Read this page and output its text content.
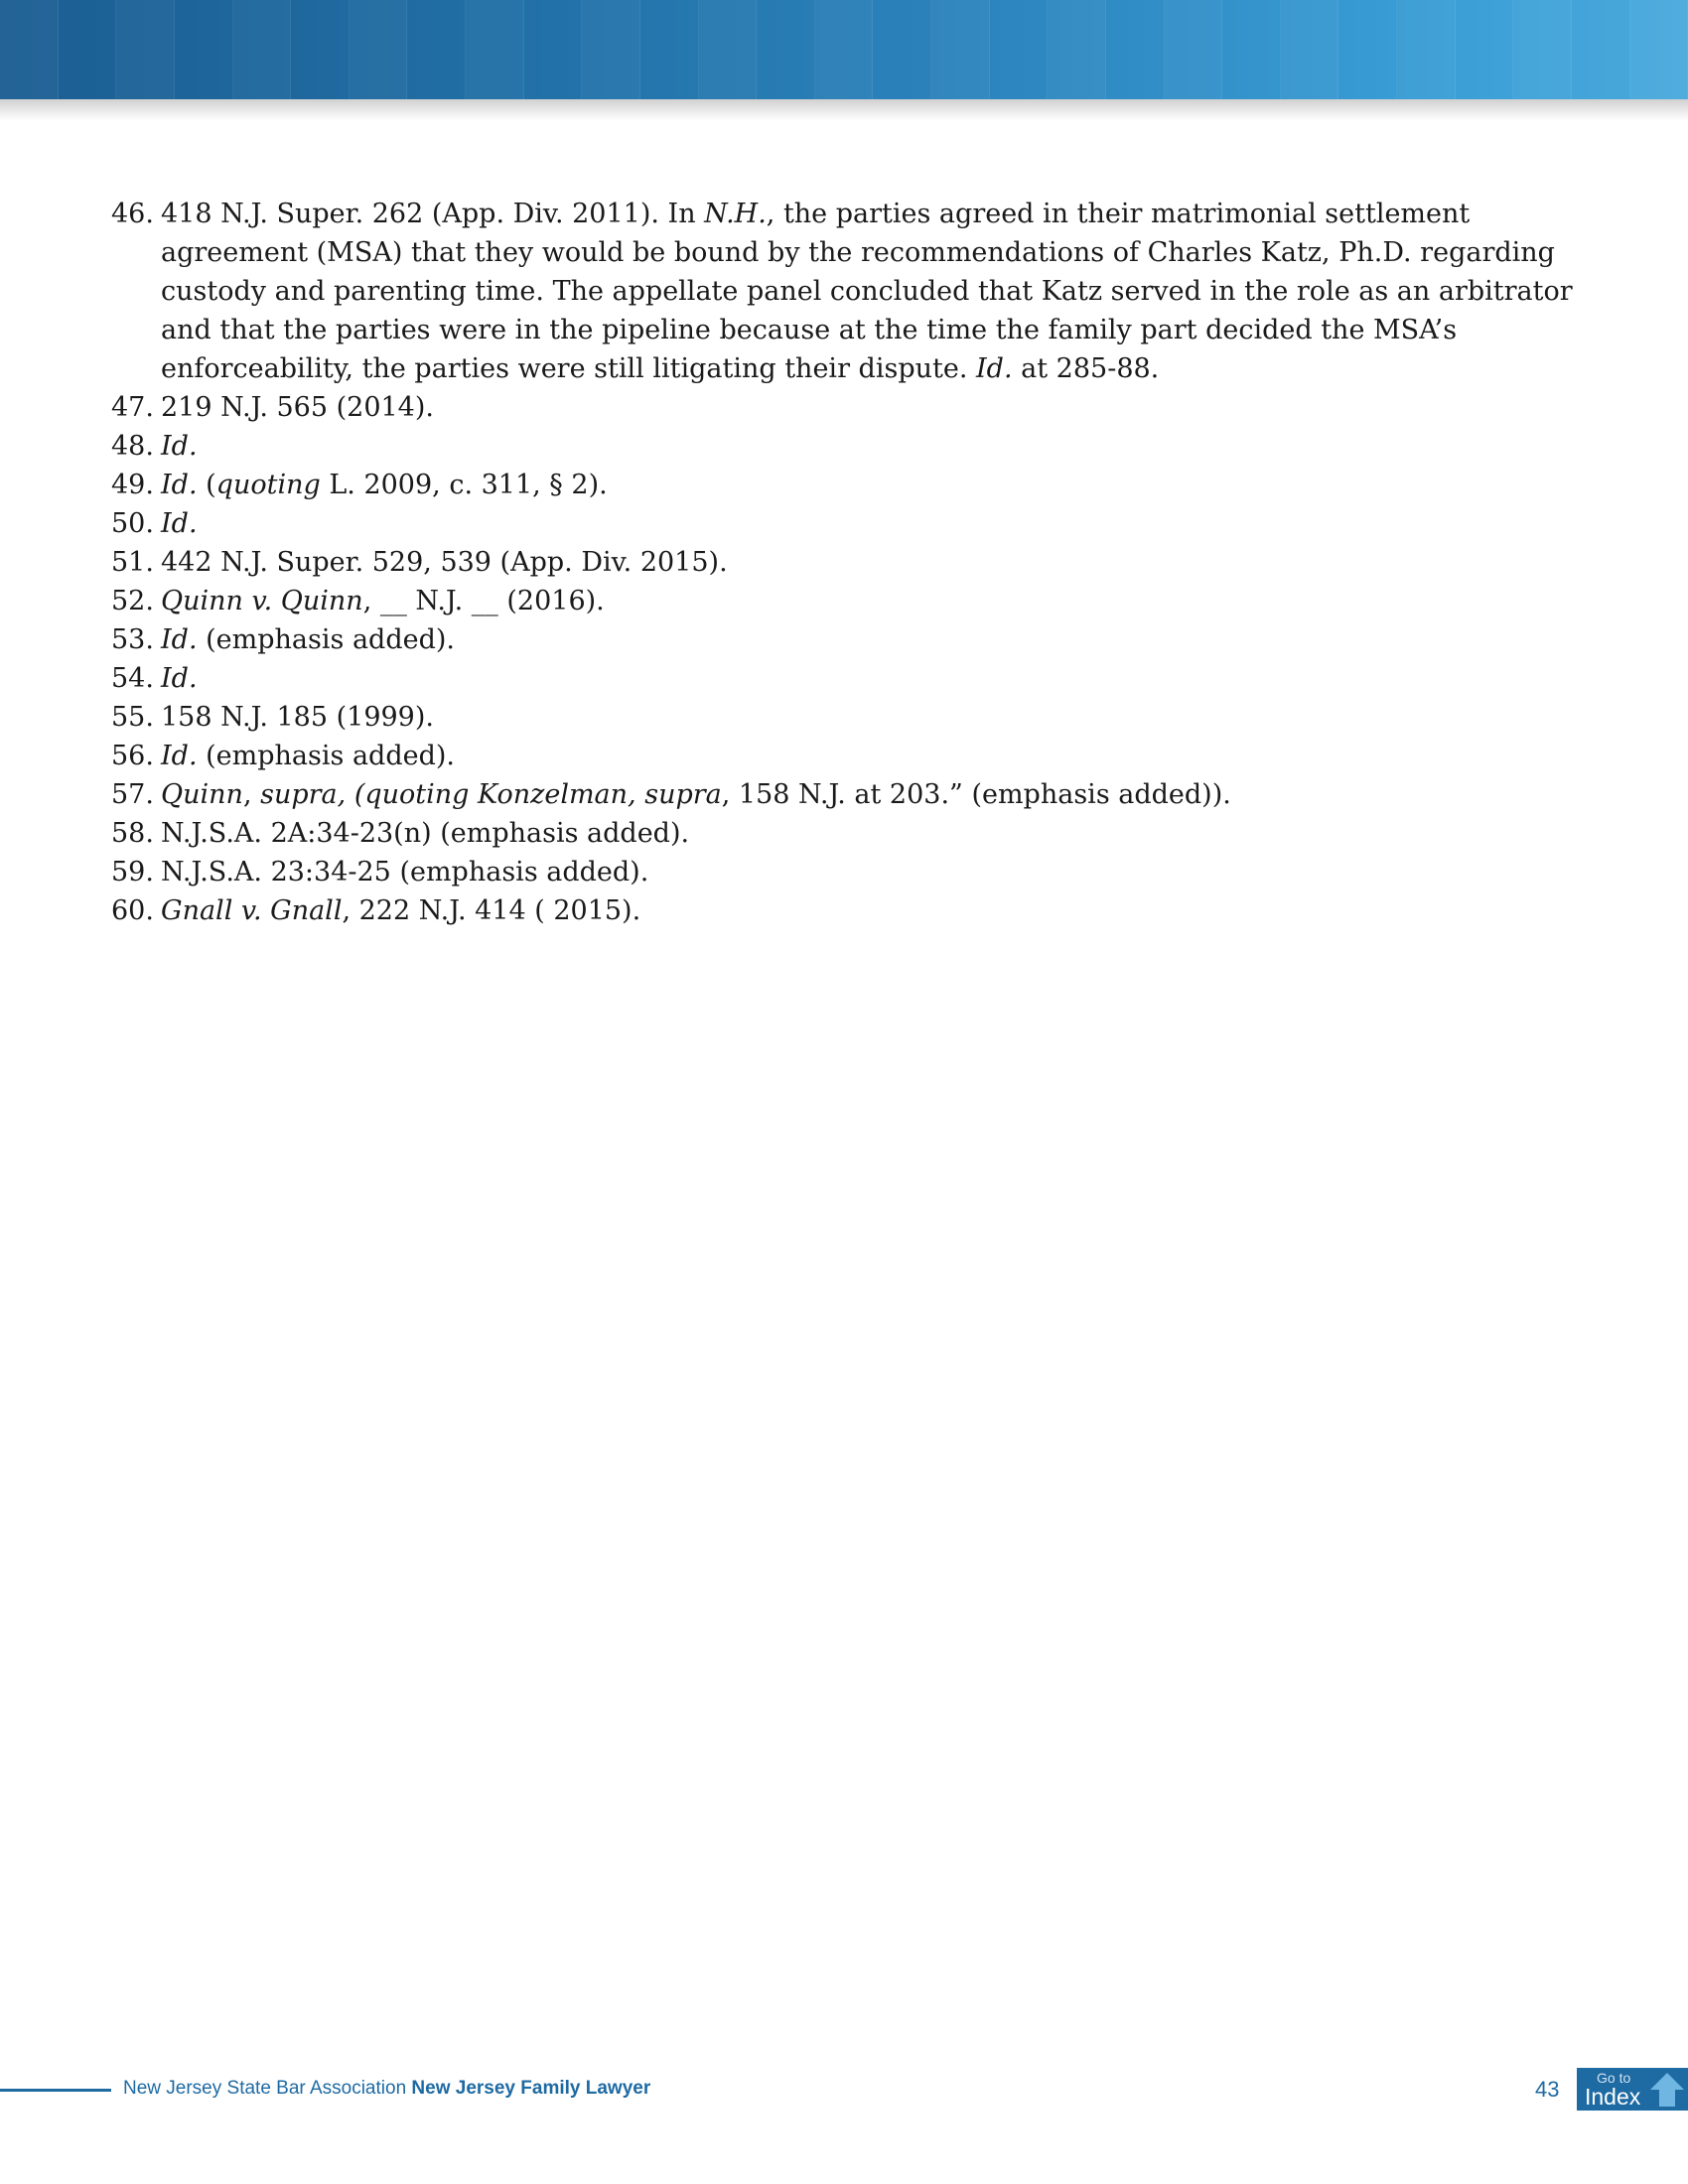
46. 418 N.J. Super. 262 (App. Div. 2011). In N.H., the parties agreed in their matrimonial settlement agreement (MSA) that they would be bound by the recommendations of Charles Katz, Ph.D. regarding custody and parenting time. The appellate panel concluded that Katz served in the role as an arbitrator and that the parties were in the pipeline because at the time the family part decided the MSA’s enforceability, the parties were still litigating their dispute. Id. at 285-88.
47. 219 N.J. 565 (2014).
48. Id.
49. Id. (quoting L. 2009, c. 311, § 2).
50. Id.
51. 442 N.J. Super. 529, 539 (App. Div. 2015).
52. Quinn v. Quinn, __ N.J. __ (2016).
53. Id. (emphasis added).
54. Id.
55. 158 N.J. 185 (1999).
56. Id. (emphasis added).
57. Quinn, supra, (quoting Konzelman, supra, 158 N.J. at 203.” (emphasis added)).
58. N.J.S.A. 2A:34-23(n) (emphasis added).
59. N.J.S.A. 23:34-25 (emphasis added).
60. Gnall v. Gnall, 222 N.J. 414 ( 2015).
New Jersey State Bar Association New Jersey Family Lawyer	43	Go to
Index
